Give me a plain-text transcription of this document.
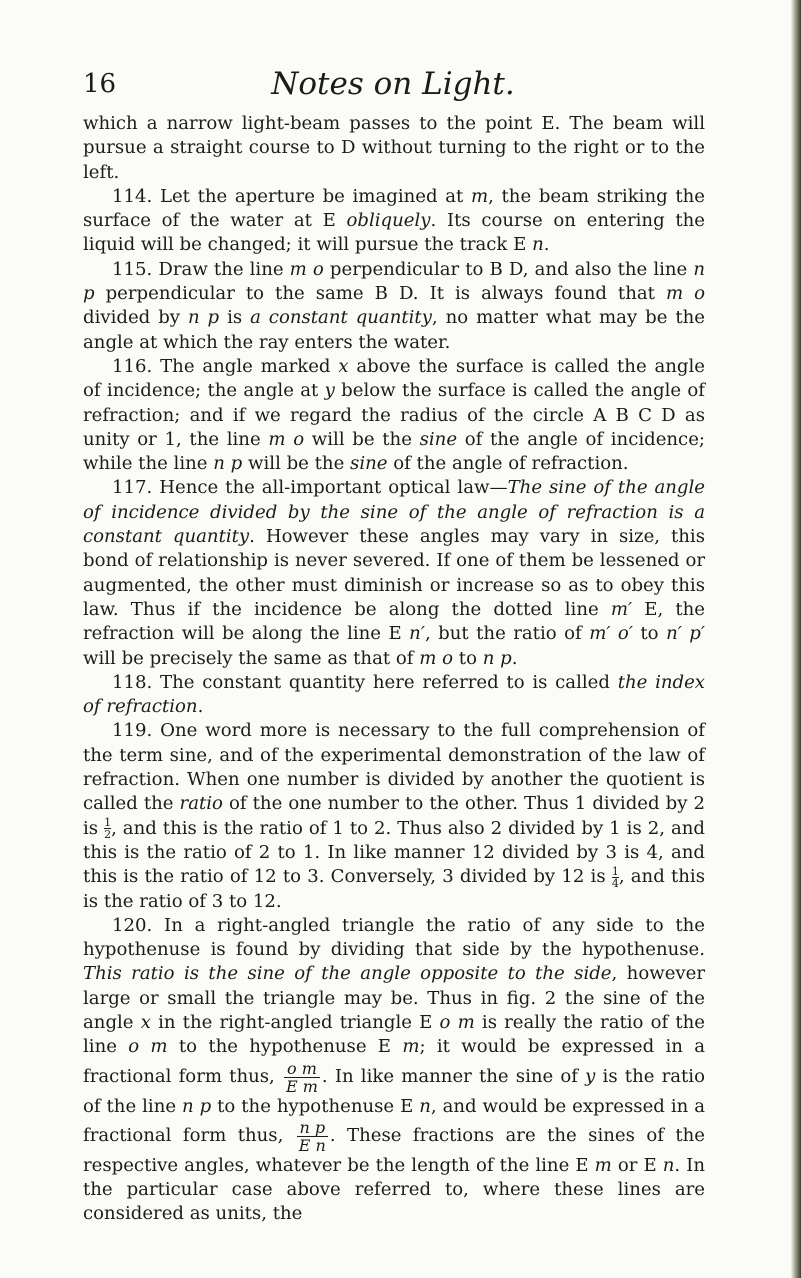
16	Notes on Light.

which a narrow light-beam passes to the point E. The beam will pursue a straight course to D without turning to the right or to the left.

114. Let the aperture be imagined at m, the beam striking the surface of the water at E obliquely. Its course on entering the liquid will be changed; it will pursue the track E n.

115. Draw the line m o perpendicular to B D, and also the line n p perpendicular to the same B D. It is always found that m o divided by n p is a constant quantity, no matter what may be the angle at which the ray enters the water.

116. The angle marked x above the surface is called the angle of incidence; the angle at y below the surface is called the angle of refraction; and if we regard the radius of the circle A B C D as unity or 1, the line m o will be the sine of the angle of incidence; while the line n p will be the sine of the angle of refraction.

117. Hence the all-important optical law—The sine of the angle of incidence divided by the sine of the angle of refraction is a constant quantity. However these angles may vary in size, this bond of relationship is never severed. If one of them be lessened or augmented, the other must diminish or increase so as to obey this law. Thus if the incidence be along the dotted line m′ E, the refraction will be along the line E n′, but the ratio of m′ o′ to n′ p′ will be precisely the same as that of m o to n p.

118. The constant quantity here referred to is called the index of refraction.

119. One word more is necessary to the full comprehension of the term sine, and of the experimental demonstration of the law of refraction. When one number is divided by another the quotient is called the ratio of the one number to the other. Thus 1 divided by 2 is $\frac{1}{2}$ , and this is the ratio of 1 to 2. Thus also 2 divided by 1 is 2, and this is the ratio of 2 to 1. In like manner 12 divided by 3 is 4, and this is the ratio of 12 to 3. Conversely, 3 divided by 12 is $\frac{1}{4}$ , and this is the ratio of 3 to 12.

120. In a right-angled triangle the ratio of any side to the hypothenuse is found by dividing that side by the hypothenuse. This ratio is the sine of the angle opposite to the side, however large or small the triangle may be. Thus in fig. 2 the sine of the angle x in the right-angled triangle E o m is really the ratio of the line o m to the hypothenuse E m; it would be expressed in a fractional form thus, $\frac{\text{o m}}{\text{E m}}$ . In like manner the sine of y is the ratio of the line n p to the hypothenuse E n, and would be expressed in a fractional form thus, $\frac{\text{n p}}{\text{E n}}$ . These fractions are the sines of the respective angles, whatever be the length of the line E m or E n. In the particular case above referred to, where these lines are considered as units, the
